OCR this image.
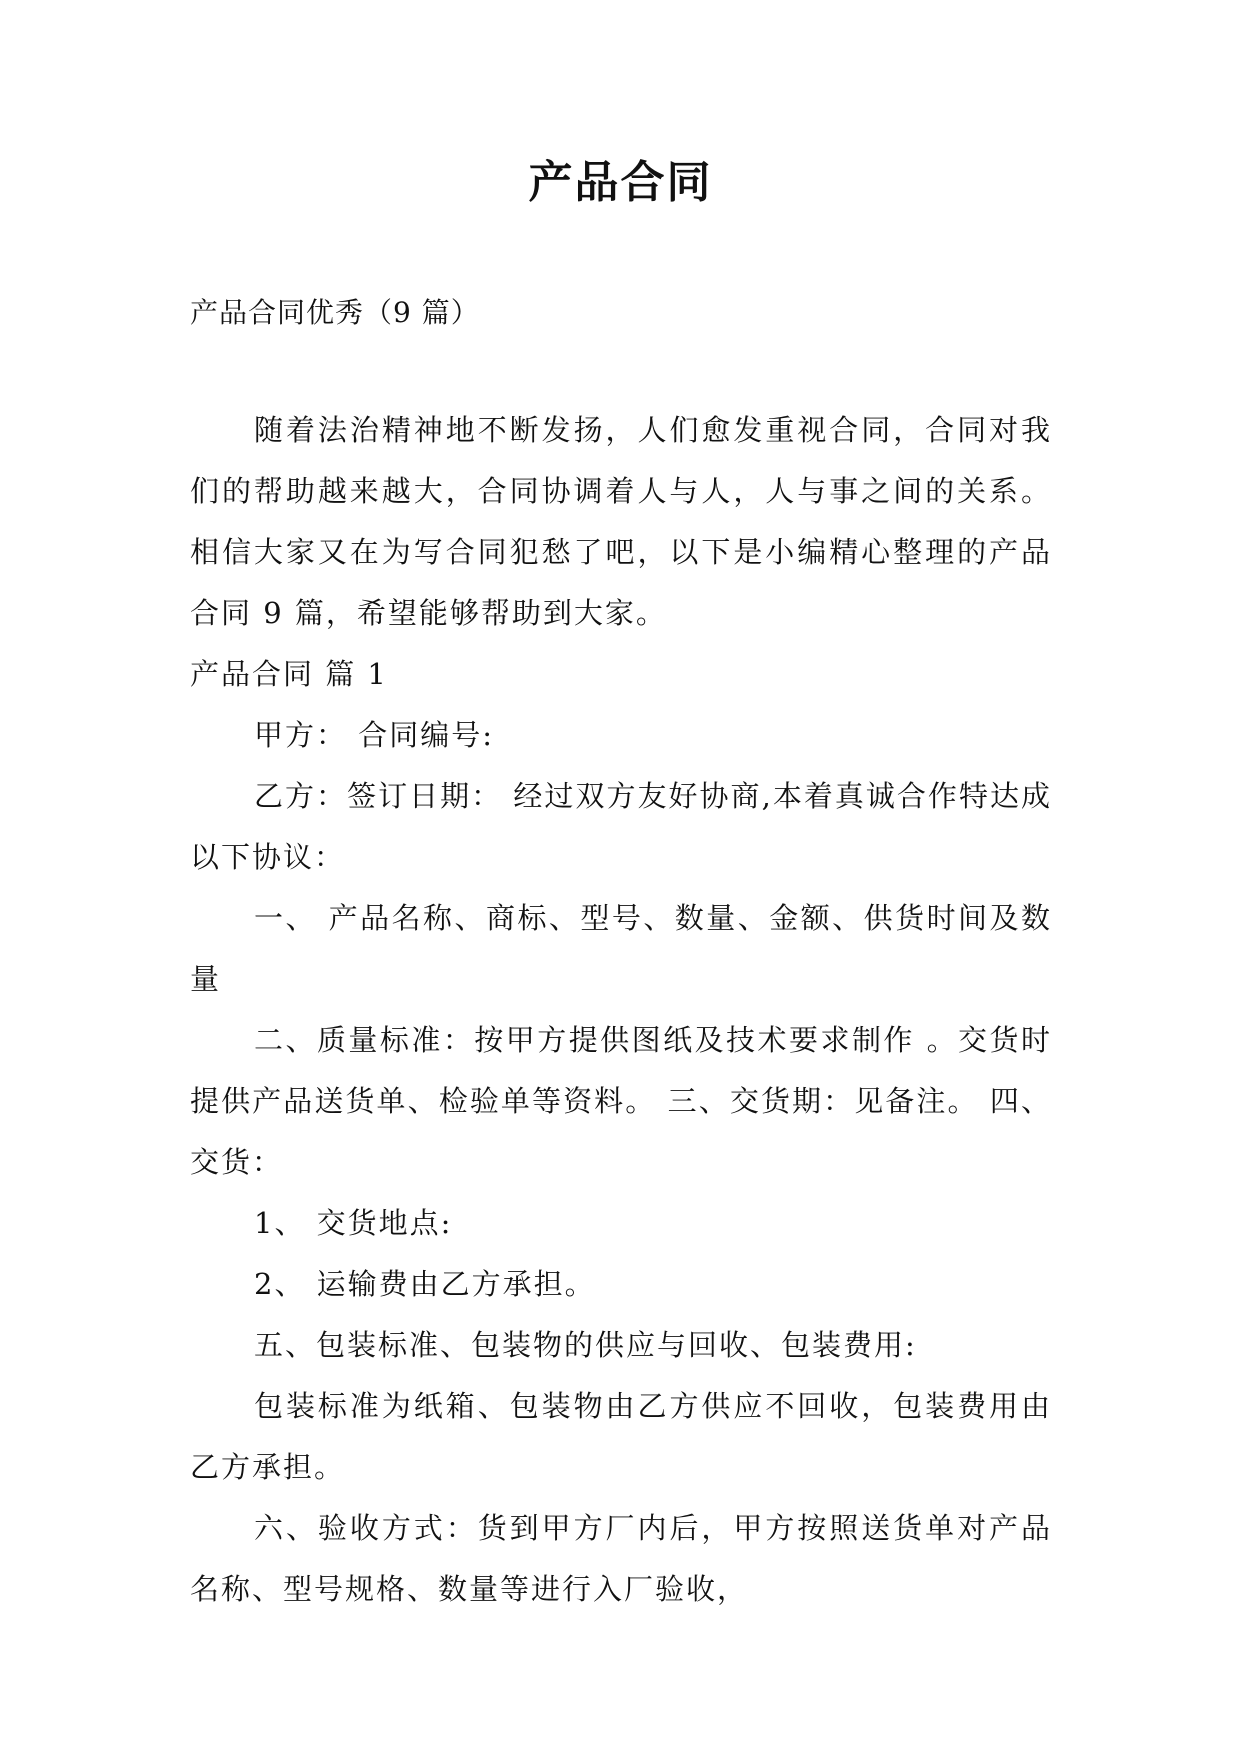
产品合同

产品合同优秀（9 篇）

随着法治精神地不断发扬，人们愈发重视合同，合同对我们的帮助越来越大，合同协调着人与人，人与事之间的关系。相信大家又在为写合同犯愁了吧，以下是小编精心整理的产品合同 9 篇，希望能够帮助到大家。

产品合同 篇 1

甲方： 合同编号:

乙方：签订日期： 经过双方友好协商,本着真诚合作特达成以下协议：

一、 产品名称、商标、型号、数量、金额、供货时间及数量

二、质量标准：按甲方提供图纸及技术要求制作 。交货时提供产品送货单、检验单等资料。 三、交货期：见备注。 四、交货：

1、 交货地点:

2、 运输费由乙方承担。

五、包装标准、包装物的供应与回收、包装费用:

包装标准为纸箱、包装物由乙方供应不回收，包装费用由乙方承担。

六、验收方式：货到甲方厂内后，甲方按照送货单对产品名称、型号规格、数量等进行入厂验收，
